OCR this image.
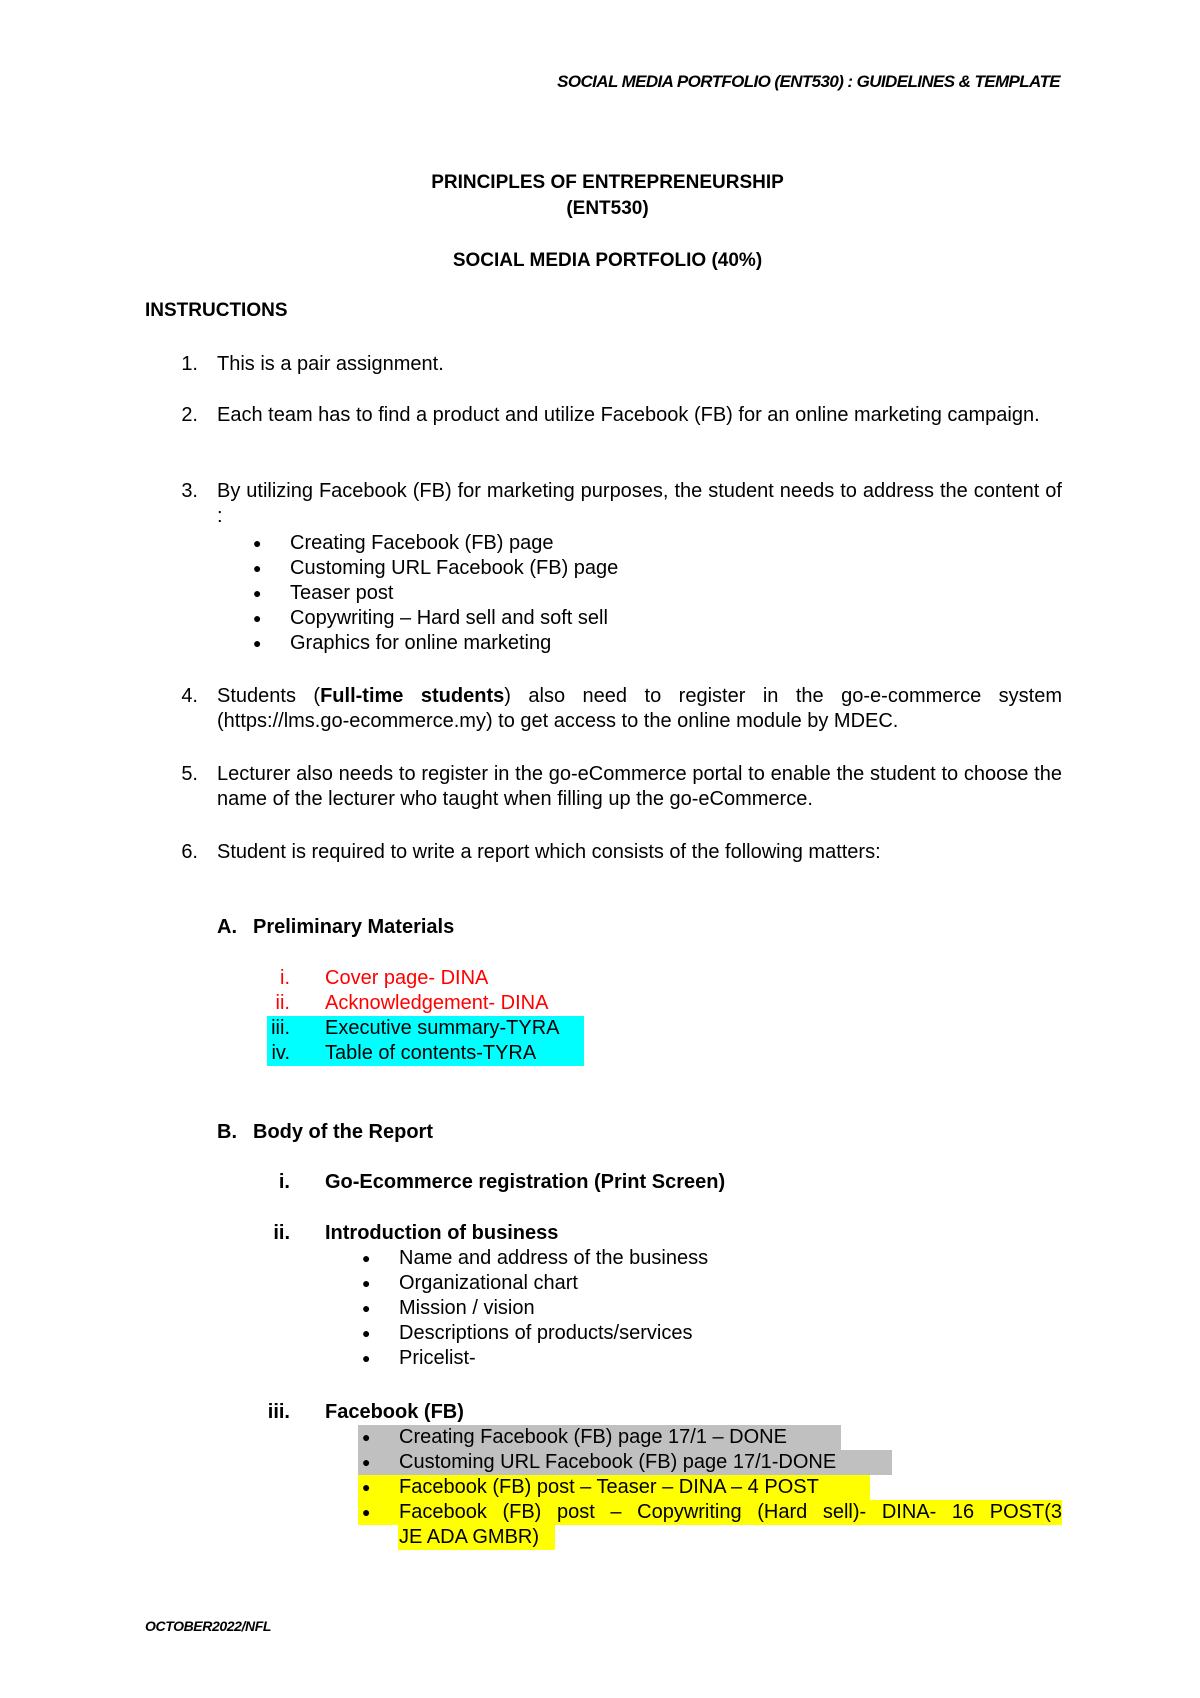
SOCIAL MEDIA PORTFOLIO (ENT530) : GUIDELINES & TEMPLATE
PRINCIPLES OF ENTREPRENEURSHIP
(ENT530)
SOCIAL MEDIA PORTFOLIO (40%)
INSTRUCTIONS
1. This is a pair assignment.
2. Each team has to find a product and utilize Facebook (FB) for an online marketing campaign.
3. By utilizing Facebook (FB) for marketing purposes, the student needs to address the content of :
● Creating Facebook (FB) page
● Customing URL Facebook (FB) page
● Teaser post
● Copywriting – Hard sell and soft sell
● Graphics for online marketing
4. Students (Full-time students) also need to register in the go-e-commerce system (https://lms.go-ecommerce.my) to get access to the online module by MDEC.
5. Lecturer also needs to register in the go-eCommerce portal to enable the student to choose the name of the lecturer who taught when filling up the go-eCommerce.
6. Student is required to write a report which consists of the following matters:
A. Preliminary Materials
i. Cover page- DINA
ii. Acknowledgement- DINA
iii. Executive summary-TYRA
iv. Table of contents-TYRA
B. Body of the Report
i. Go-Ecommerce registration (Print Screen)
ii. Introduction of business
● Name and address of the business
● Organizational chart
● Mission / vision
● Descriptions of products/services
● Pricelist-
iii. Facebook (FB)
● Creating Facebook (FB) page 17/1 – DONE
● Customing URL Facebook (FB) page 17/1-DONE
● Facebook (FB) post – Teaser – DINA – 4 POST
● Facebook (FB) post – Copywriting (Hard sell)- DINA- 16 POST(3
JE ADA GMBR)
OCTOBER2022/NFL
